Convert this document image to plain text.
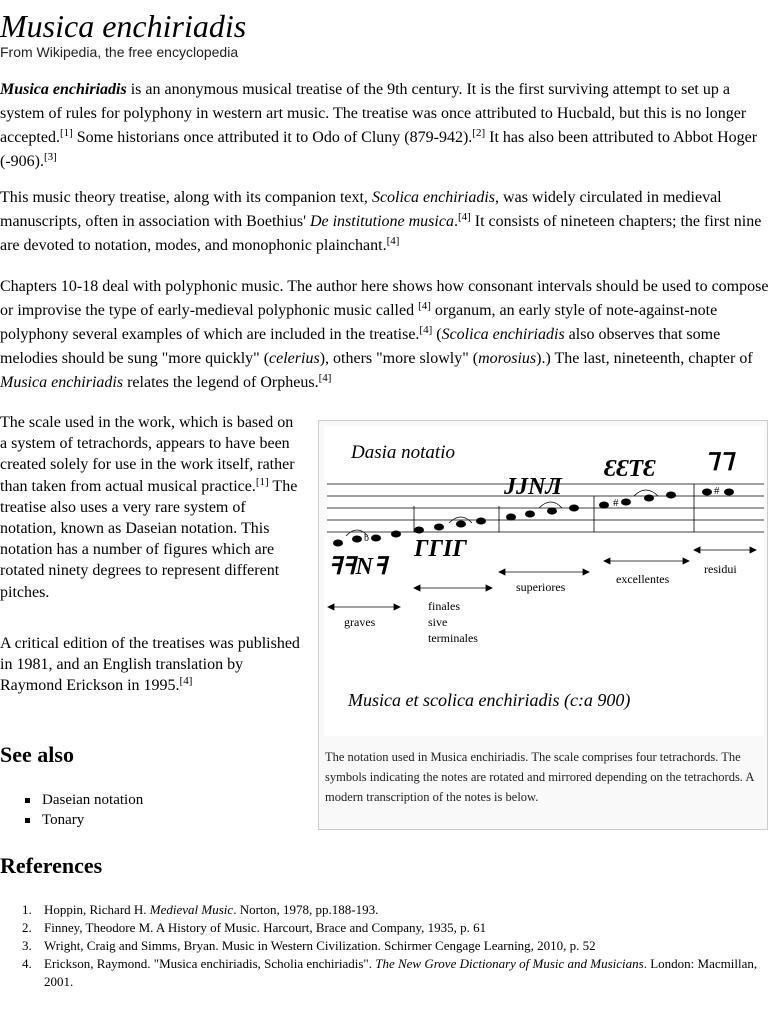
Musica enchiriadis
From Wikipedia, the free encyclopedia
Musica enchiriadis is an anonymous musical treatise of the 9th century. It is the first surviving attempt to set up a system of rules for polyphony in western art music. The treatise was once attributed to Hucbald, but this is no longer accepted.[1] Some historians once attributed it to Odo of Cluny (879-942).[2] It has also been attributed to Abbot Hoger (-906).[3]
This music theory treatise, along with its companion text, Scolica enchiriadis, was widely circulated in medieval manuscripts, often in association with Boethius' De institutione musica.[4] It consists of nineteen chapters; the first nine are devoted to notation, modes, and monophonic plainchant.[4]
Chapters 10-18 deal with polyphonic music. The author here shows how consonant intervals should be used to compose or improvise the type of early-medieval polyphonic music called [4] organum, an early style of note-against-note polyphony several examples of which are included in the treatise.[4] (Scolica enchiriadis also observes that some melodies should be sung "more quickly" (celerius), others "more slowly" (morosius).) The last, nineteenth, chapter of Musica enchiriadis relates the legend of Orpheus.[4]
The scale used in the work, which is based on a system of tetrachords, appears to have been created solely for use in the work itself, rather than taken from actual musical practice.[1] The treatise also uses a very rare system of notation, known as Daseian notation. This notation has a number of figures which are rotated ninety degrees to represent different pitches.
A critical edition of the treatises was published in 1981, and an English translation by Raymond Erickson in 1995.[4]
See also
Daseian notation
Tonary
References
1. Hoppin, Richard H. Medieval Music. Norton, 1978, pp.188-193.
2. Finney, Theodore M. A History of Music. Harcourt, Brace and Company, 1935, p. 61
3. Wright, Craig and Simms, Bryan. Music in Western Civilization. Schirmer Cengage Learning, 2010, p. 52
4. Erickson, Raymond. "Musica enchiriadis, Scholia enchiriadis". The New Grove Dictionary of Music and Musicians. London: Macmillan, 2001.
Dasia notatio
b
#
#
ꟻꟻNꟻ
ΓΓΙΓ
JJNЛ
ƐƐƬƐ ᒣᒣ
graves
finales
sive
terminales
superiores
excellentes
residui
Musica et scolica enchiriadis (c:a 900)
The notation used in Musica enchiriadis. The scale comprises four tetrachords. The symbols indicating the notes are rotated and mirrored depending on the tetrachords. A modern transcription of the notes is below.
